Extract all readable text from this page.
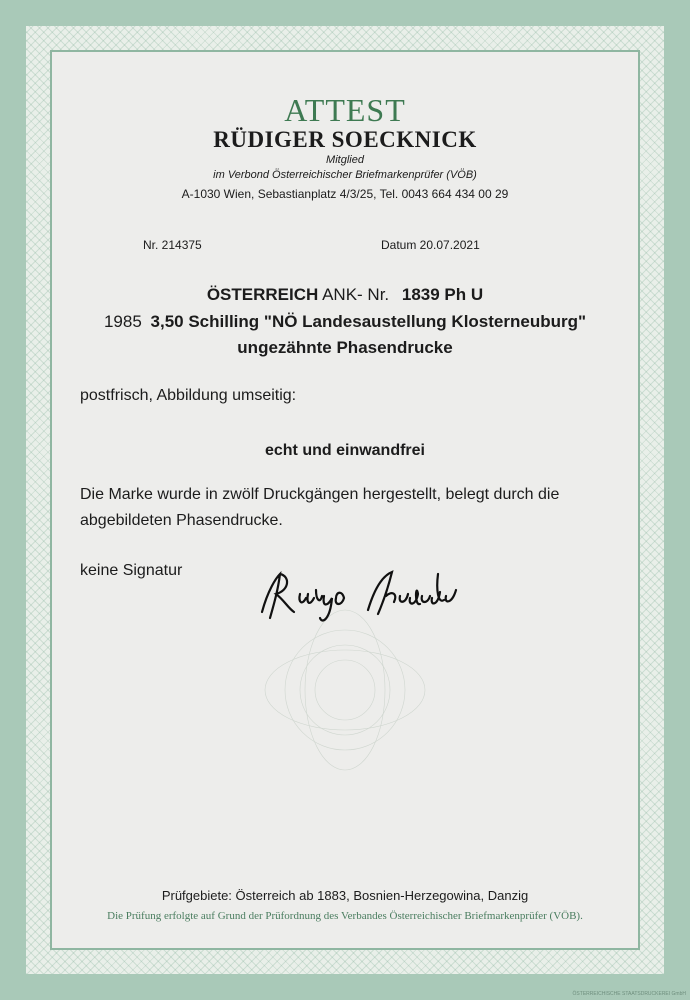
ATTEST
RÜDIGER SOECKNICK
Mitglied
im Verbond Österreichischer Briefmarkenprüfer (VÖB)
A-1030 Wien, Sebastianplatz 4/3/25, Tel. 0043 664 434 00 29
Nr. 214375	Datum 20.07.2021
ÖSTERREICH ANK- Nr. 1839 Ph U
1985 3,50 Schilling "NÖ Landesaustellung Klosterneuburg"
ungezähnte Phasendrucke
postfrisch, Abbildung umseitig:
echt und einwandfrei
Die Marke wurde in zwölf Druckgängen hergestellt, belegt durch die
abgebildeten Phasendrucke.
keine Signatur
Prüfgebiete: Österreich ab 1883, Bosnien-Herzegowina, Danzig
Die Prüfung erfolgte auf Grund der Prüfordnung des Verbandes Österreichischer Briefmarkenprüfer (VÖB).
ÖSTERREICHISCHE STAATSDRUCKEREI GmbH
